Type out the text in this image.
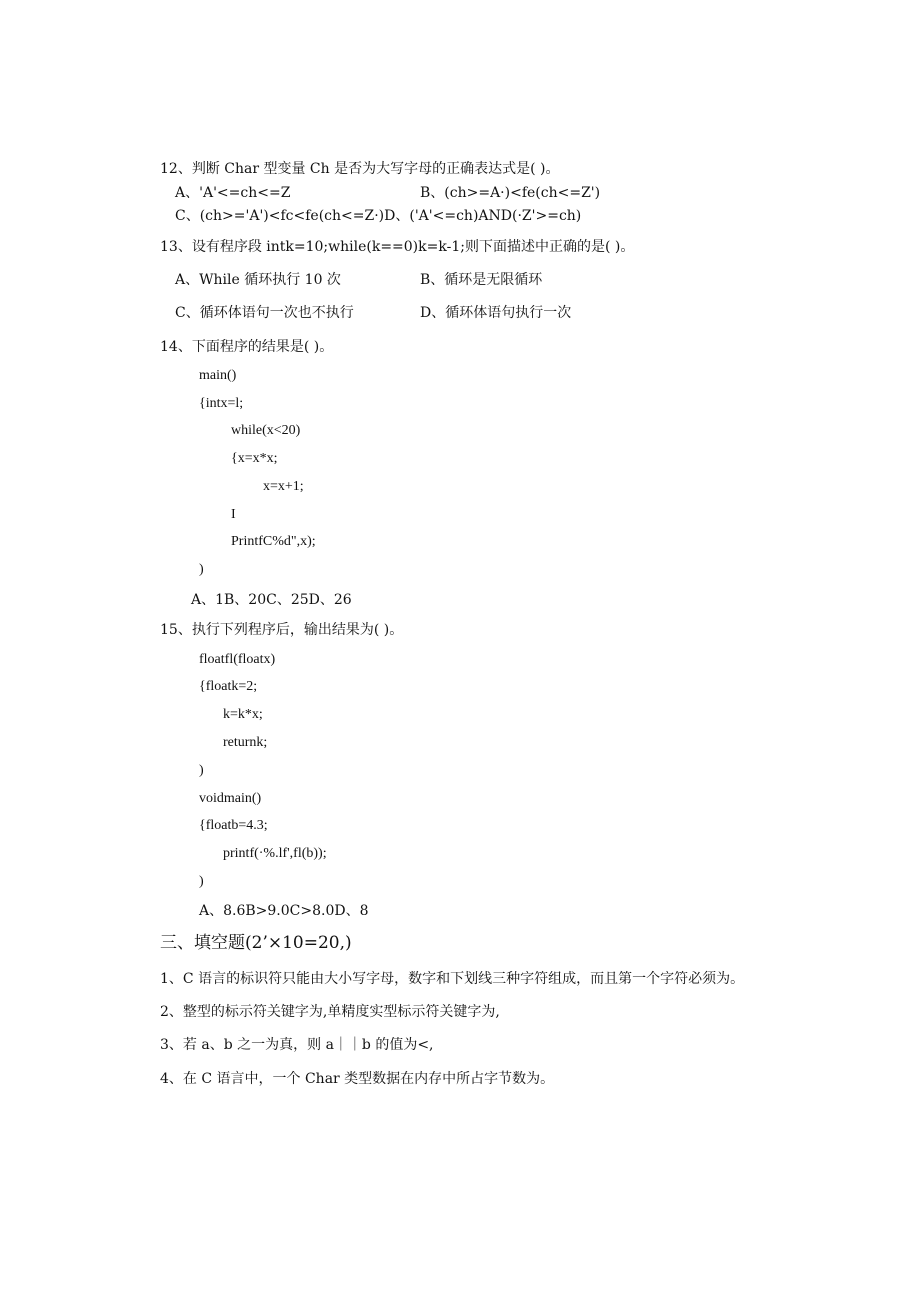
12、判断 Char 型变量 Ch 是否为大写字母的正确表达式是( )。
A、'A'<=ch<=Z	B、(ch>=A·)<fe(ch<=Z')
C、(ch>='A')<fc<fe(ch<=Z·)D、('A'<=ch)AND(·Z'>=ch)
13、设有程序段 intk=10;while(k==0)k=k-1;则下面描述中正确的是( )。
A、While 循环执行 10 次	B、循环是无限循环
C、循环体语句一次也不执行	D、循环体语句执行一次
14、下面程序的结果是( )。
main()
{intx=l;
while(x<20)
{x=x*x;
x=x+1;
I
PrintfC%d",x);
)
A、1B、20C、25D、26
15、执行下列程序后，输出结果为( )。
floatfl(floatx)
{floatk=2;
k=k*x;
returnk;
)
voidmain()
{floatb=4.3;
printf(·%.lf',fl(b));
)
A、8.6B>9.0C>8.0D、8
三、填空题(2’×10=20,)
1、C 语言的标识符只能由大小写字母，数字和下划线三种字符组成，而且第一个字符必须为。
2、整型的标示符关键字为,单精度实型标示符关键字为,
3、若 a、b 之一为真，则 a｜｜b 的值为<,
4、在 C 语言中，一个 Char 类型数据在内存中所占字节数为。
